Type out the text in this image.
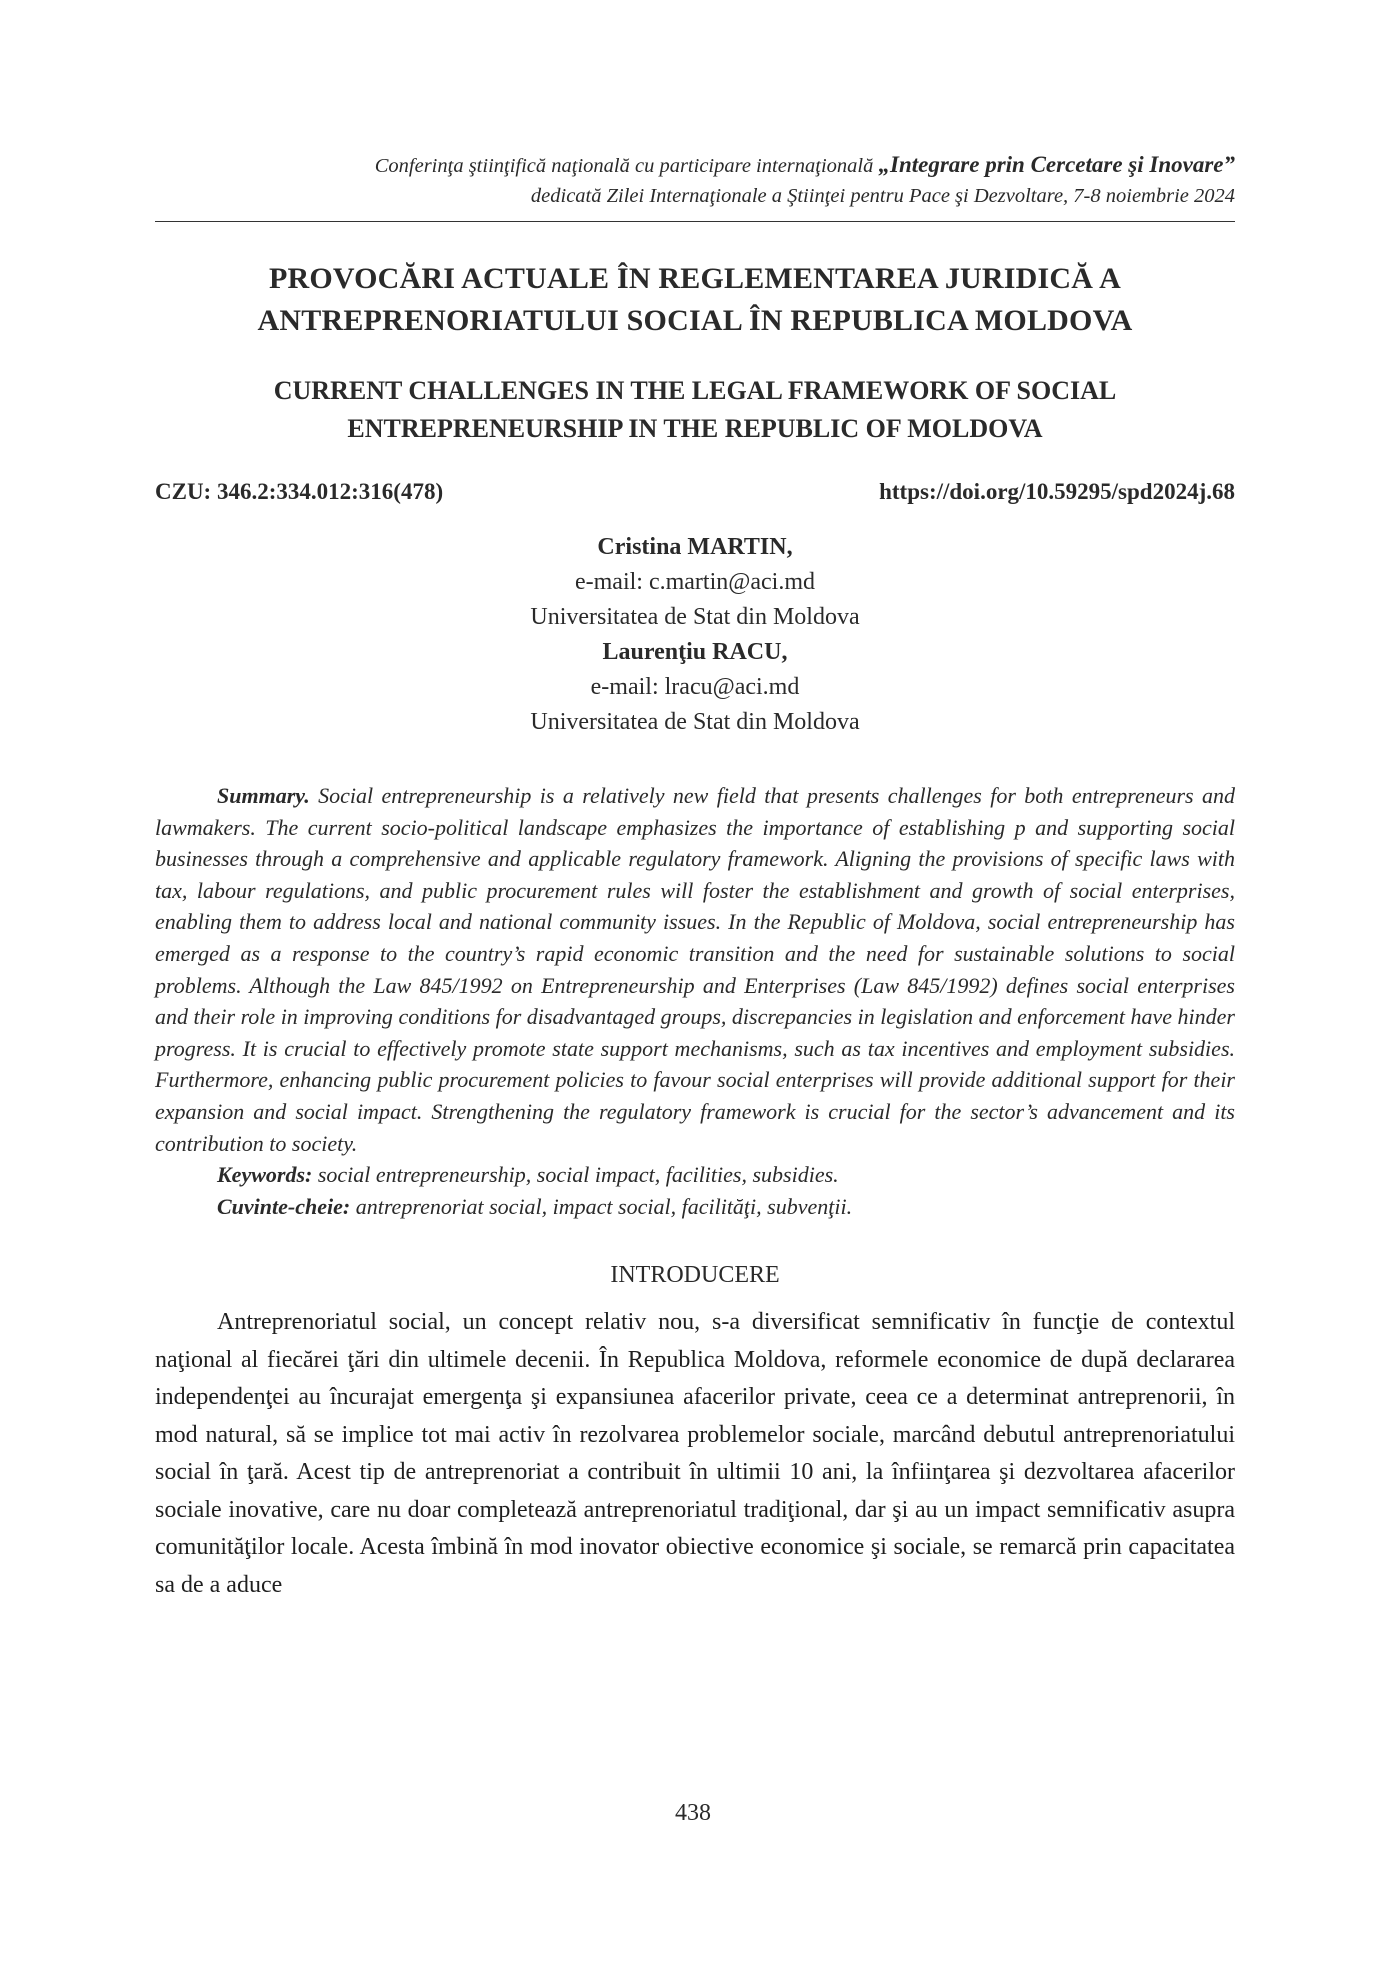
Conferinţa ştiinţifică naţională cu participare internaţională „Integrare prin Cercetare şi Inovare”
dedicată Zilei Internaţionale a Ştiinţei pentru Pace şi Dezvoltare, 7-8 noiembrie 2024
PROVOCĂRI ACTUALE ÎN REGLEMENTAREA JURIDICĂ A
ANTREPRENORIATULUI SOCIAL ÎN REPUBLICA MOLDOVA
CURRENT CHALLENGES IN THE LEGAL FRAMEWORK OF SOCIAL
ENTREPRENEURSHIP IN THE REPUBLIC OF MOLDOVA
CZU: 346.2:334.012:316(478)	https://doi.org/10.59295/spd2024j.68
Cristina MARTIN,
e-mail: c.martin@aci.md
Universitatea de Stat din Moldova
Laurenţiu RACU,
e-mail: lracu@aci.md
Universitatea de Stat din Moldova

Summary. Social entrepreneurship is a relatively new field that presents challenges for both entrepreneurs and lawmakers. The current socio-political landscape emphasizes the importance of establishing p and supporting social businesses through a comprehensive and applicable regulatory framework. Aligning the provisions of specific laws with tax, labour regulations, and public procurement rules will foster the establishment and growth of social enterprises, enabling them to address local and national community issues. In the Republic of Moldova, social entrepreneurship has emerged as a response to the country’s rapid economic transition and the need for sustainable solutions to social problems. Although the Law 845/1992 on Entrepreneurship and Enterprises (Law 845/1992) defines social enterprises and their role in improving conditions for disadvantaged groups, discrepancies in legislation and enforcement have hinder progress. It is crucial to effectively promote state support mechanisms, such as tax incentives and employment subsidies. Furthermore, enhancing public procurement policies to favour social enterprises will provide additional support for their expansion and social impact. Strengthening the regulatory framework is crucial for the sector’s advancement and its contribution to society.

Keywords: social entrepreneurship, social impact, facilities, subsidies.

Cuvinte-cheie: antreprenoriat social, impact social, facilităţi, subvenţii.

INTRODUCERE

Antreprenoriatul social, un concept relativ nou, s-a diversificat semnificativ în funcţie de contextul naţional al fiecărei ţări din ultimele decenii. În Republica Moldova, reformele economice de după declararea independenţei au încurajat emergenţa şi expansiunea afacerilor private, ceea ce a determinat antreprenorii, în mod natural, să se implice tot mai activ în rezolvarea problemelor sociale, marcând debutul antreprenoriatului social în ţară. Acest tip de antreprenoriat a contribuit în ultimii 10 ani, la înfiinţarea şi dezvoltarea afacerilor sociale inovative, care nu doar completează antreprenoriatul tradiţional, dar şi au un impact semnificativ asupra comunităţilor locale. Acesta îmbină în mod inovator obiective economice şi sociale, se remarcă prin capacitatea sa de a aduce

438
